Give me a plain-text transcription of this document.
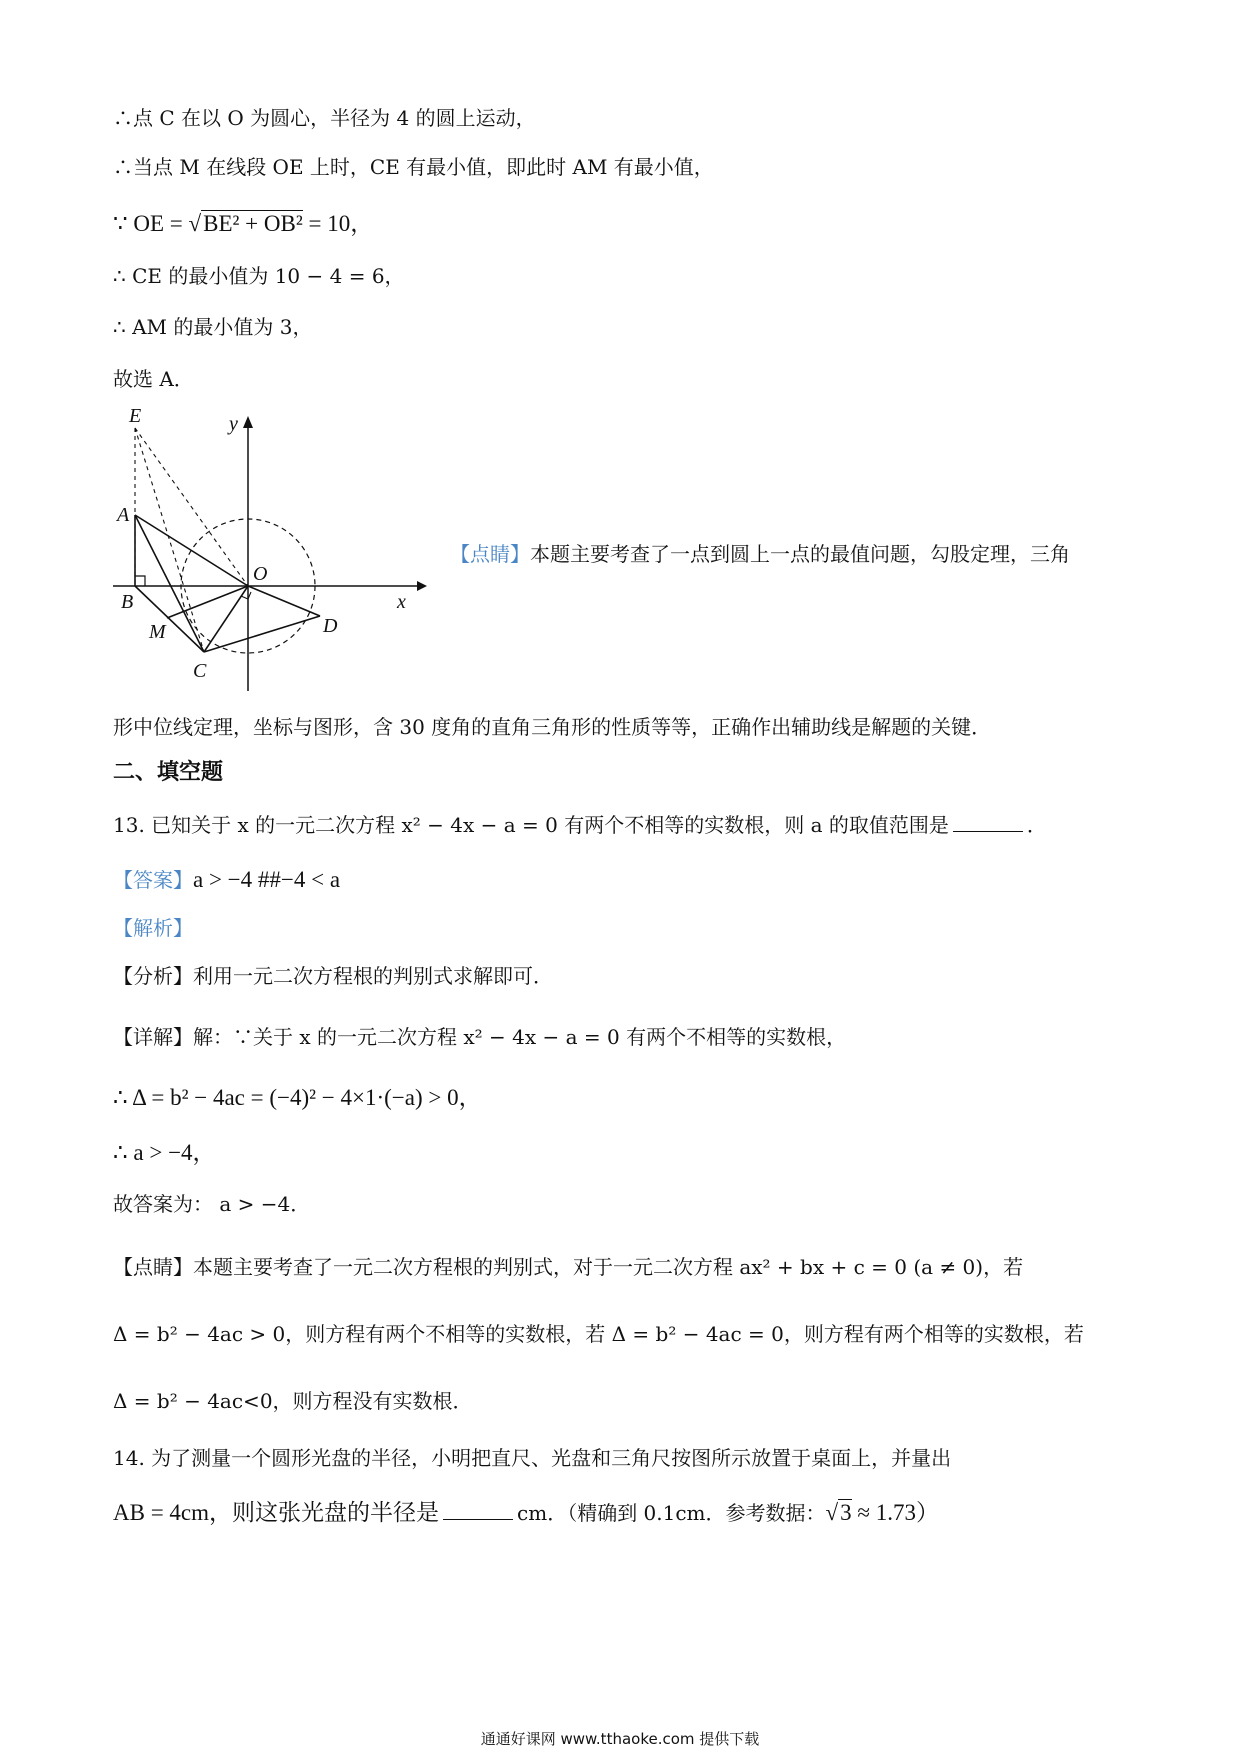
∴点 C 在以 O 为圆心，半径为 4 的圆上运动，
∴当点 M 在线段 OE 上时，CE 有最小值，即此时 AM 有最小值，
∵ OE = √BE² + OB² = 10，
∴ CE 的最小值为 10 − 4 = 6，
∴ AM 的最小值为 3，
故选 A．
E	y
A
O
x
B
M	D
C
【点睛】本题主要考查了一点到圆上一点的最值问题，勾股定理，三角
形中位线定理，坐标与图形，含 30 度角的直角三角形的性质等等，正确作出辅助线是解题的关键．
二、填空题
13. 已知关于 x 的一元二次方程 x² − 4x − a = 0 有两个不相等的实数根，则 a 的取值范围是	．
【答案】a > −4 ##−4 < a
【解析】
【分析】利用一元二次方程根的判别式求解即可．
【详解】解：∵关于 x 的一元二次方程 x² − 4x − a = 0 有两个不相等的实数根，
∴ Δ = b² − 4ac = (−4)² − 4×1·(−a) > 0，
∴ a > −4，
故答案为： a > −4．
【点睛】本题主要考查了一元二次方程根的判别式，对于一元二次方程 ax² + bx + c = 0 (a ≠ 0)，若
Δ = b² − 4ac > 0，则方程有两个不相等的实数根，若 Δ = b² − 4ac = 0，则方程有两个相等的实数根，若
Δ = b² − 4ac<0，则方程没有实数根．
14. 为了测量一个圆形光盘的半径，小明把直尺、光盘和三角尺按图所示放置于桌面上，并量出
AB = 4cm，则这张光盘的半径是	cm．（精确到 0.1cm．参考数据：√3 ≈ 1.73）
通通好课网 www.tthaoke.com 提供下载
